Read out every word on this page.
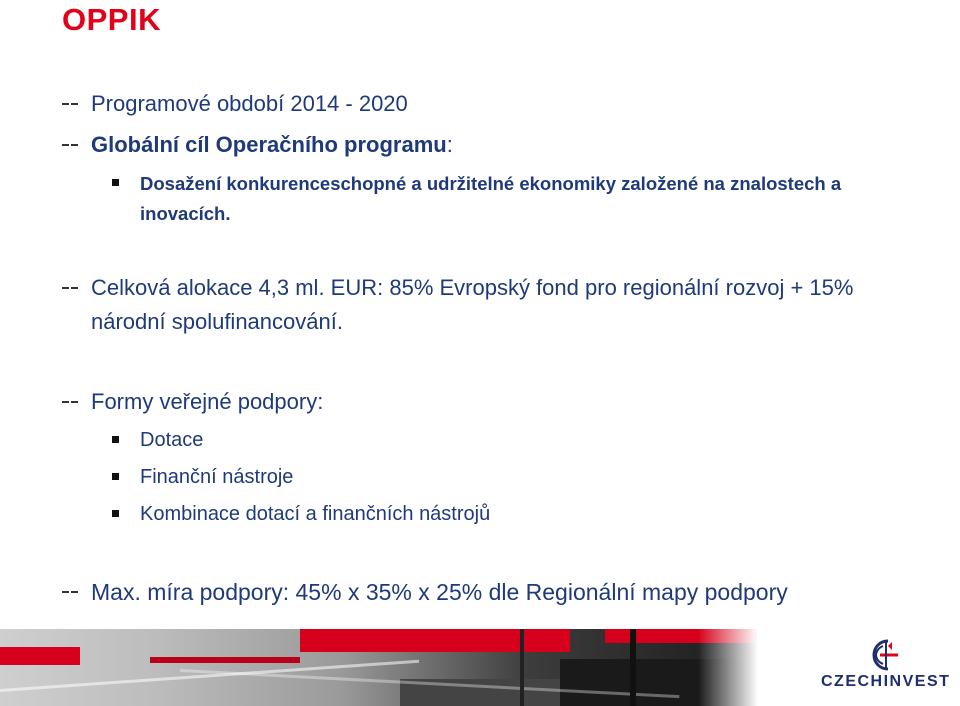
OPPIK
Programové období 2014 - 2020
Globální cíl Operačního programu:
Dosažení konkurenceschopné a udržitelné ekonomiky založené na znalostech a
inovacích.
Celková alokace 4,3 ml. EUR: 85% Evropský fond pro regionální rozvoj + 15%
národní spolufinancování.
Formy veřejné podpory:
Dotace
Finanční nástroje
Kombinace dotací a finančních nástrojů
Max. míra podpory: 45% x 35% x 25% dle Regionální mapy podpory
CZECHINVEST
